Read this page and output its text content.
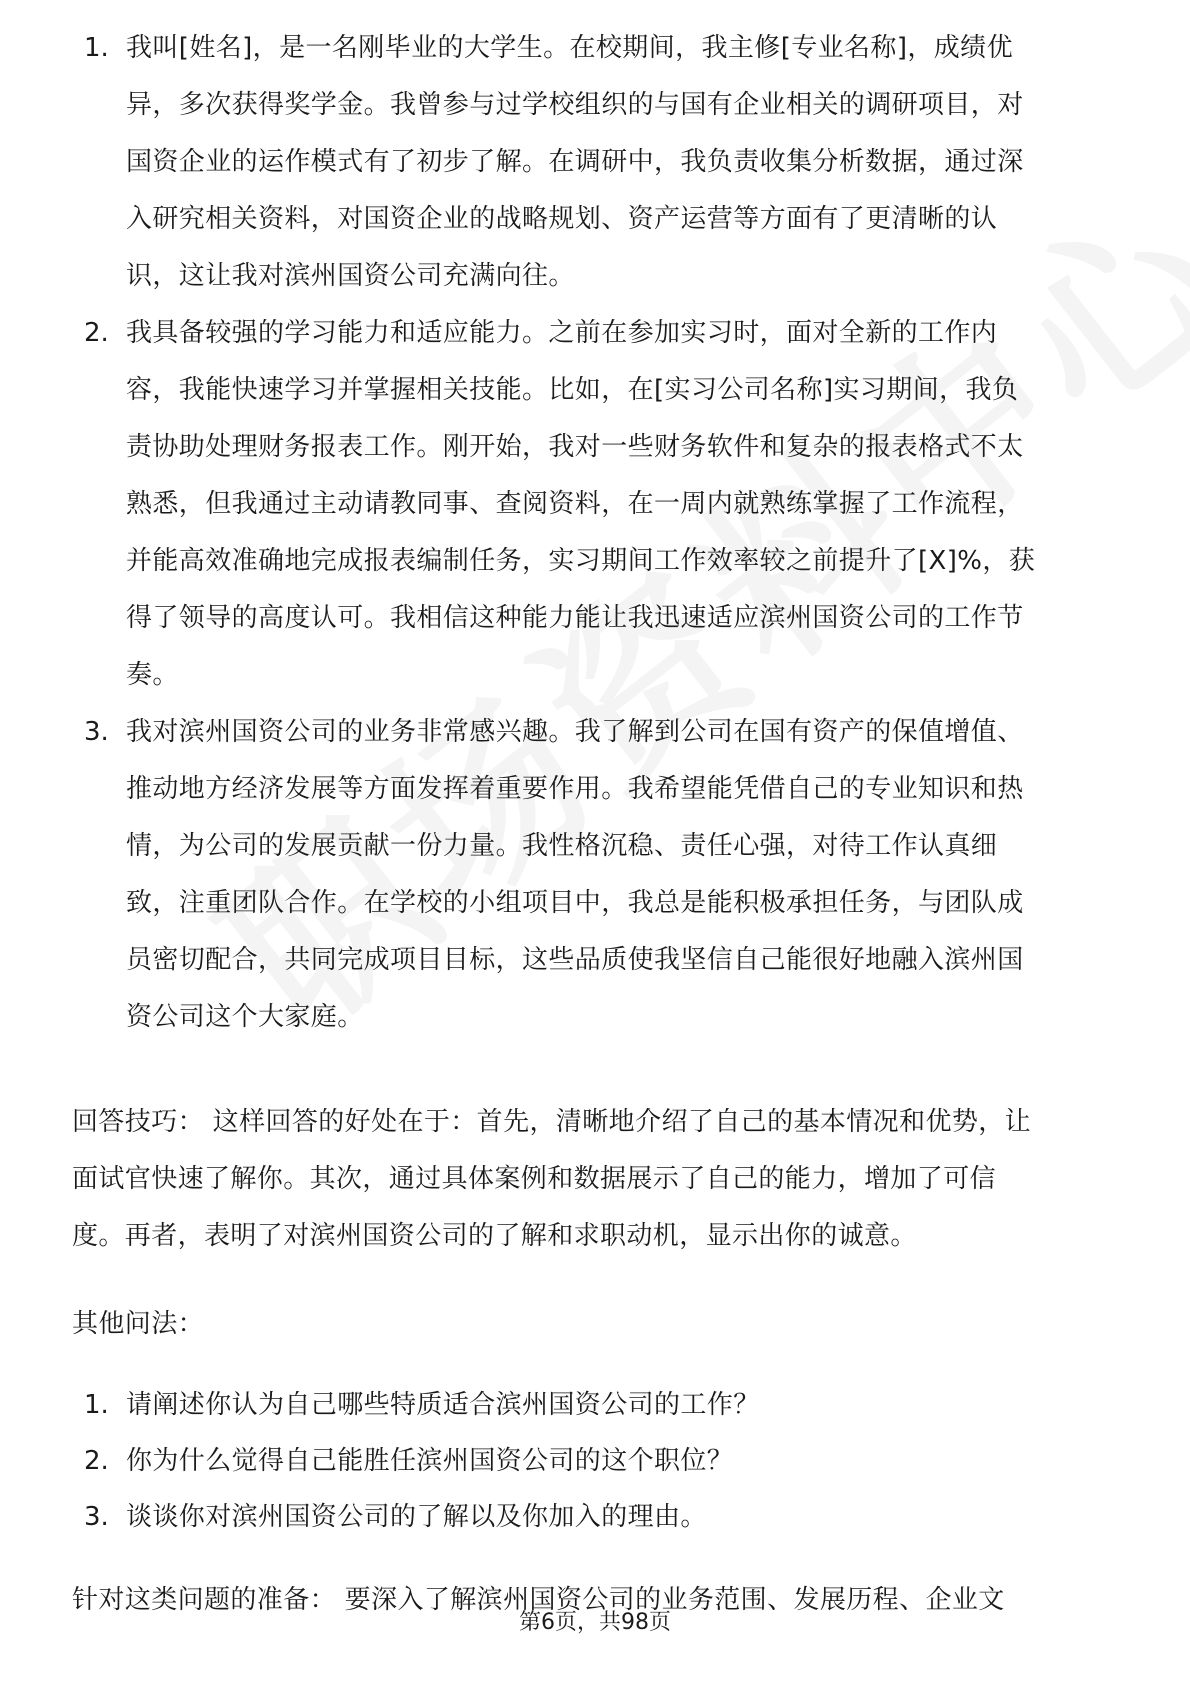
1. 我叫[姓名]，是一名刚毕业的大学生。在校期间，我主修[专业名称]，成绩优
异，多次获得奖学金。我曾参与过学校组织的与国有企业相关的调研项目，对
国资企业的运作模式有了初步了解。在调研中，我负责收集分析数据，通过深
入研究相关资料，对国资企业的战略规划、资产运营等方面有了更清晰的认
识，这让我对滨州国资公司充满向往。

2. 我具备较强的学习能力和适应能力。之前在参加实习时，面对全新的工作内
容，我能快速学习并掌握相关技能。比如，在[实习公司名称]实习期间，我负
责协助处理财务报表工作。刚开始，我对一些财务软件和复杂的报表格式不太
熟悉，但我通过主动请教同事、查阅资料，在一周内就熟练掌握了工作流程，
并能高效准确地完成报表编制任务，实习期间工作效率较之前提升了[X]%，获
得了领导的高度认可。我相信这种能力能让我迅速适应滨州国资公司的工作节
奏。

3. 我对滨州国资公司的业务非常感兴趣。我了解到公司在国有资产的保值增值、
推动地方经济发展等方面发挥着重要作用。我希望能凭借自己的专业知识和热
情，为公司的发展贡献一份力量。我性格沉稳、责任心强，对待工作认真细
致，注重团队合作。在学校的小组项目中，我总是能积极承担任务，与团队成
员密切配合，共同完成项目目标，这些品质使我坚信自己能很好地融入滨州国
资公司这个大家庭。

回答技巧： 这样回答的好处在于：首先，清晰地介绍了自己的基本情况和优势，让
面试官快速了解你。其次，通过具体案例和数据展示了自己的能力，增加了可信
度。再者，表明了对滨州国资公司的了解和求职动机，显示出你的诚意。

其他问法：

1. 请阐述你认为自己哪些特质适合滨州国资公司的工作？

2. 你为什么觉得自己能胜任滨州国资公司的这个职位？

3. 谈谈你对滨州国资公司的了解以及你加入的理由。

针对这类问题的准备： 要深入了解滨州国资公司的业务范围、发展历程、企业文

第6页，共98页
